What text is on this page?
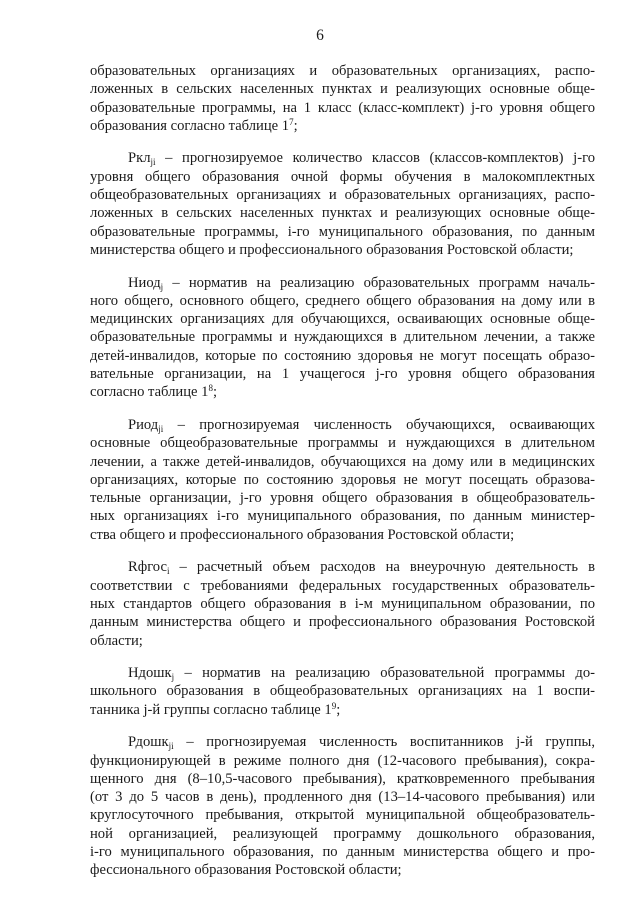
6
образовательных организациях и образовательных организациях, распо-
ложенных в сельских населенных пунктах и реализующих основные обще-
образовательные программы, на 1 класс (класс-комплект) j-го уровня общего
образования согласно таблице $1^7$;
Ркл$_{ji}$ – прогнозируемое количество классов (классов-комплектов) j-го
уровня общего образования очной формы обучения в малокомплектных
общеобразовательных организациях и образовательных организациях, распо-
ложенных в сельских населенных пунктах и реализующих основные обще-
образовательные программы, i-го муниципального образования, по данным
министерства общего и профессионального образования Ростовской области;
Ниод$_j$ – норматив на реализацию образовательных программ началь-
ного общего, основного общего, среднего общего образования на дому или в
медицинских организациях для обучающихся, осваивающих основные обще-
образовательные программы и нуждающихся в длительном лечении, а также
детей-инвалидов, которые по состоянию здоровья не могут посещать образо-
вательные организации, на 1 учащегося j-го уровня общего образования
согласно таблице $1^8$;
Риод$_{ji}$ – прогнозируемая численность обучающихся, осваивающих
основные общеобразовательные программы и нуждающихся в длительном
лечении, а также детей-инвалидов, обучающихся на дому или в медицинских
организациях, которые по состоянию здоровья не могут посещать образова-
тельные организации, j-го уровня общего образования в общеобразователь-
ных организациях i-го муниципального образования, по данным министер-
ства общего и профессионального образования Ростовской области;
Rфгос$_i$ – расчетный объем расходов на внеурочную деятельность в
соответствии с требованиями федеральных государственных образователь-
ных стандартов общего образования в i-м муниципальном образовании, по
данным министерства общего и профессионального образования Ростовской
области;
Ндошк$_j$ – норматив на реализацию образовательной программы до-
школьного образования в общеобразовательных организациях на 1 воспи-
танника j-й группы согласно таблице $1^9$;
Рдошк$_{ji}$ – прогнозируемая численность воспитанников j-й группы,
функционирующей в режиме полного дня (12-часового пребывания), сокра-
щенного дня (8–10,5-часового пребывания), кратковременного пребывания
(от 3 до 5 часов в день), продленного дня (13–14-часового пребывания) или
круглосуточного пребывания, открытой муниципальной общеобразователь-
ной организацией, реализующей программу дошкольного образования,
i-го муниципального образования, по данным министерства общего и про-
фессионального образования Ростовской области;
